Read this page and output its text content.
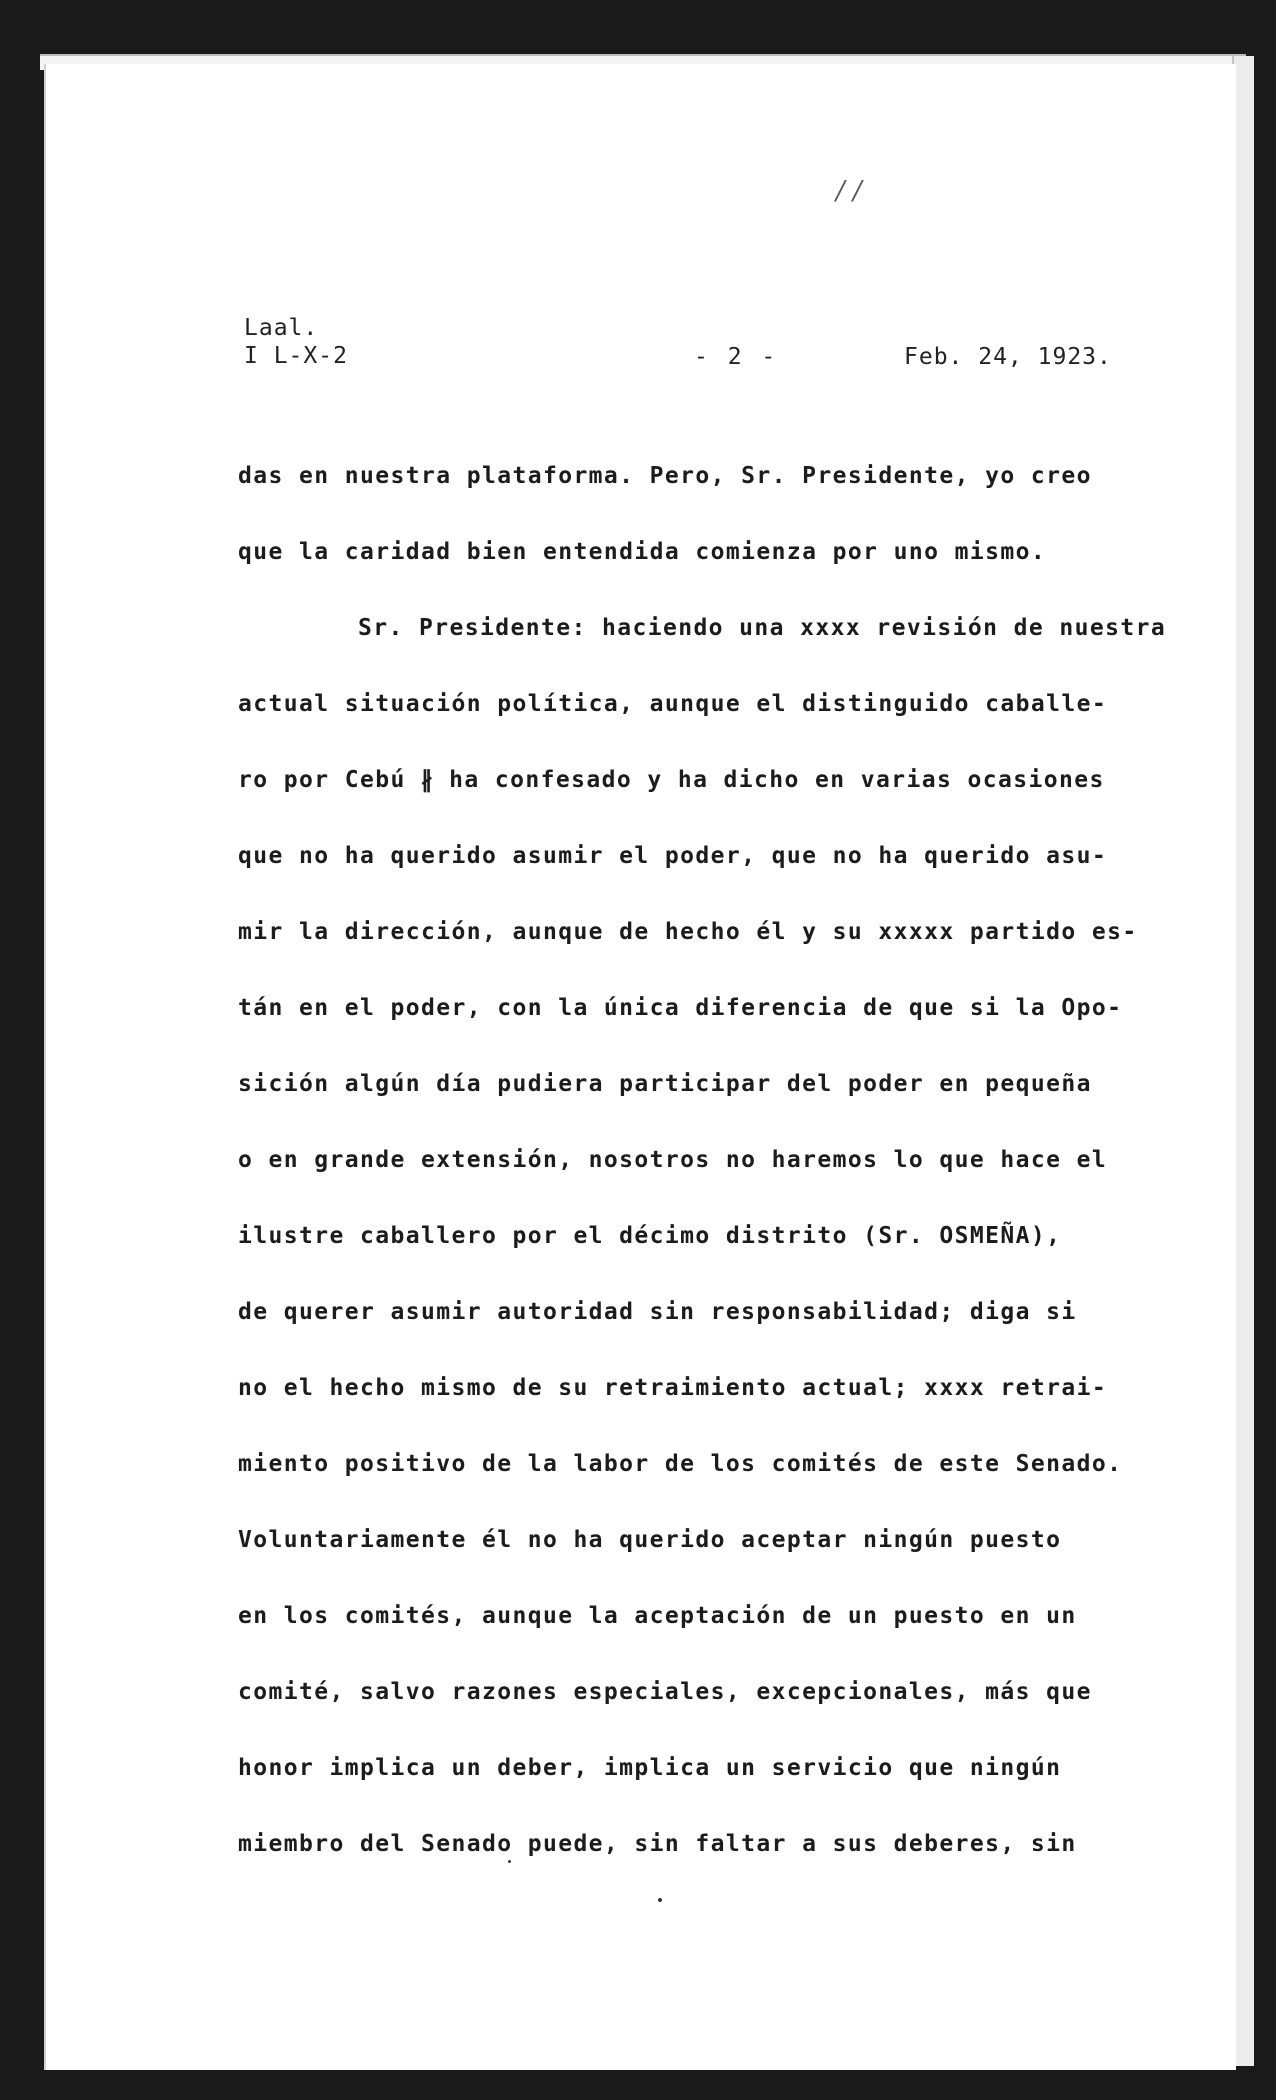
/ /
Laal.
I L-X-2	- 2 -	Feb. 24, 1923.
das en nuestra plataforma. Pero, Sr. Presidente, yo creo
que la caridad bien entendida comienza por uno mismo.
Sr. Presidente: haciendo una xxxx revisión de nuestra
actual situación política, aunque el distinguido caballe-
ro por Cebú ∦ ha confesado y ha dicho en varias ocasiones
que no ha querido asumir el poder, que no ha querido asu-
mir la dirección, aunque de hecho él y su xxxxx partido es-
tán en el poder, con la única diferencia de que si la Opo-
sición algún día pudiera participar del poder en pequeña
o en grande extensión, nosotros no haremos lo que hace el
ilustre caballero por el décimo distrito (Sr. OSMEÑA),
de querer asumir autoridad sin responsabilidad; diga si
no el hecho mismo de su retraimiento actual; xxxx retrai-
miento positivo de la labor de los comités de este Senado.
Voluntariamente él no ha querido aceptar ningún puesto
en los comités, aunque la aceptación de un puesto en un
comité, salvo razones especiales, excepcionales, más que
honor implica un deber, implica un servicio que ningún
miembro del Senado puede, sin faltar a sus deberes, sin
